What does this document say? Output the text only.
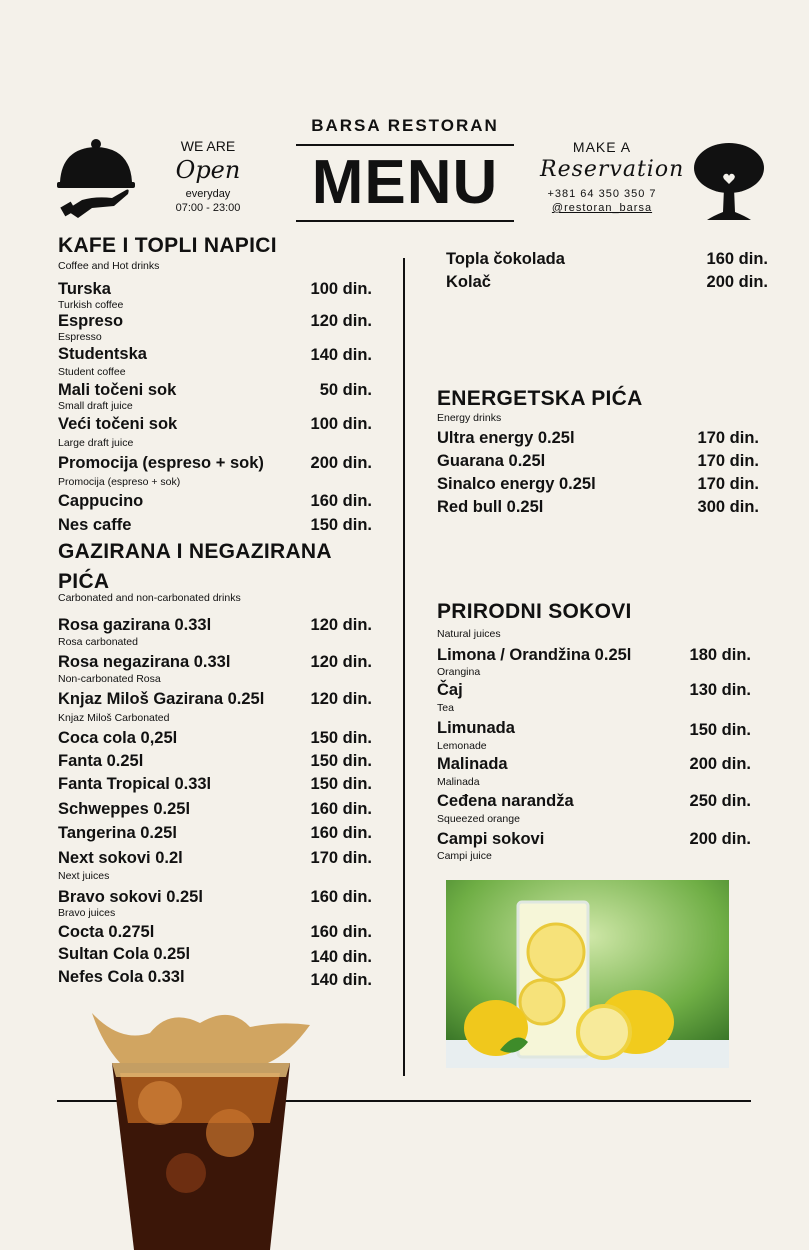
WE ARE
Open
everyday
07:00 - 23:00
BARSA RESTORAN
MENU
MAKE A
Reservation
+381 64 350 350 7
@restoran_barsa
KAFE I TOPLI NAPICI
Coffee and Hot drinks
Turska	100 din.
Turkish coffee
Espreso	120 din.
Espresso
Studentska	140 din.
Student coffee
Mali točeni sok	50 din.
Small draft juice
Veći točeni sok	100 din.
Large draft juice
Promocija (espreso + sok)	200 din.
Promocija (espreso + sok)
Cappucino	160 din.
Nes caffe	150 din.
GAZIRANA I NEGAZIRANA
PIĆA
Carbonated and non-carbonated drinks
Rosa gazirana 0.33l	120 din.
Rosa carbonated
Rosa negazirana 0.33l	120 din.
Non-carbonated Rosa
Knjaz Miloš Gazirana 0.25l	120 din.
Knjaz Miloš Carbonated
Coca cola 0,25l	150 din.
Fanta 0.25l	150 din.
Fanta Tropical 0.33l	150 din.
Schweppes 0.25l	160 din.
Tangerina 0.25l	160 din.
Next sokovi 0.2l	170 din.
Next juices
Bravo sokovi 0.25l	160 din.
Bravo juices
Cocta 0.275l	160 din.
Sultan Cola 0.25l	140 din.
Nefes Cola 0.33l	140 din.
Topla čokolada	160 din.
Kolač	200 din.
ENERGETSKA PIĆA
Energy drinks
Ultra energy 0.25l	170 din.
Guarana 0.25l	170 din.
Sinalco energy 0.25l	170 din.
Red bull 0.25l	300 din.
PRIRODNI SOKOVI
Natural juices
Limona / Orandžina 0.25l	180 din.
Orangina
Čaj	130 din.
Tea
Limunada	150 din.
Lemonade
Malinada	200 din.
Malinada
Cеđena narandža	250 din.
Squeezed orange
Campi sokovi	200 din.
Campi juice
